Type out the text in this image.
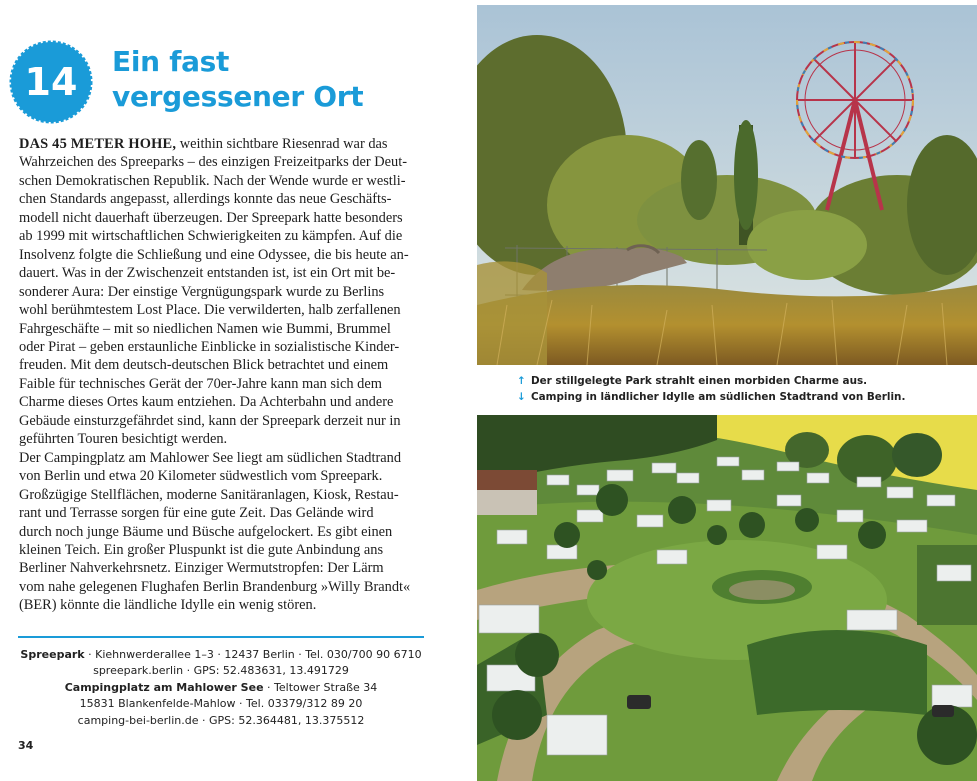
14 Ein fast
vergessener Ort
DAS 45 METER HOHE, weithin sichtbare Riesenrad war das
Wahrzeichen des Spreeparks – des einzigen Freizeitparks der Deut-
schen Demokratischen Republik. Nach der Wende wurde er westli-
chen Standards angepasst, allerdings konnte das neue Geschäfts-
modell nicht dauerhaft überzeugen. Der Spreepark hatte besonders
ab 1999 mit wirtschaftlichen Schwierigkeiten zu kämpfen. Auf die
Insolvenz folgte die Schließung und eine Odyssee, die bis heute an-
dauert. Was in der Zwischenzeit entstanden ist, ist ein Ort mit be-
sonderer Aura: Der einstige Vergnügungspark wurde zu Berlins
wohl berühmtestem Lost Place. Die verwilderten, halb zerfallenen
Fahrgeschäfte – mit so niedlichen Namen wie Bummi, Brummel
oder Pirat – geben erstaunliche Einblicke in sozialistische Kinder-
freuden. Mit dem deutsch-deutschen Blick betrachtet und einem
Faible für technisches Gerät der 70er-Jahre kann man sich dem
Charme dieses Ortes kaum entziehen. Da Achterbahn und andere
Gebäude einsturzgefährdet sind, kann der Spreepark derzeit nur in
geführten Touren besichtigt werden.
Der Campingplatz am Mahlower See liegt am südlichen Stadtrand
von Berlin und etwa 20 Kilometer südwestlich vom Spreepark.
Großzügige Stellflächen, moderne Sanitäranlagen, Kiosk, Restau-
rant und Terrasse sorgen für eine gute Zeit. Das Gelände wird
durch noch junge Bäume und Büsche aufgelockert. Es gibt einen
kleinen Teich. Ein großer Pluspunkt ist die gute Anbindung ans
Berliner Nahverkehrsnetz. Einziger Wermutstropfen: Der Lärm
vom nahe gelegenen Flughafen Berlin Brandenburg »Willy Brandt«
(BER) könnte die ländliche Idylle ein wenig stören.
Spreepark · Kiehnwerderallee 1–3 · 12437 Berlin · Tel. 030/700 90 6710
spreepark.berlin · GPS: 52.483631, 13.491729
Campingplatz am Mahlower See · Teltower Straße 34
15831 Blankenfelde-Mahlow · Tel. 03379/312 89 20
camping-bei-berlin.de · GPS: 52.364481, 13.375512
34
↑ Der stillgelegte Park strahlt einen morbiden Charme aus.
↓ Camping in ländlicher Idylle am südlichen Stadtrand von Berlin.
